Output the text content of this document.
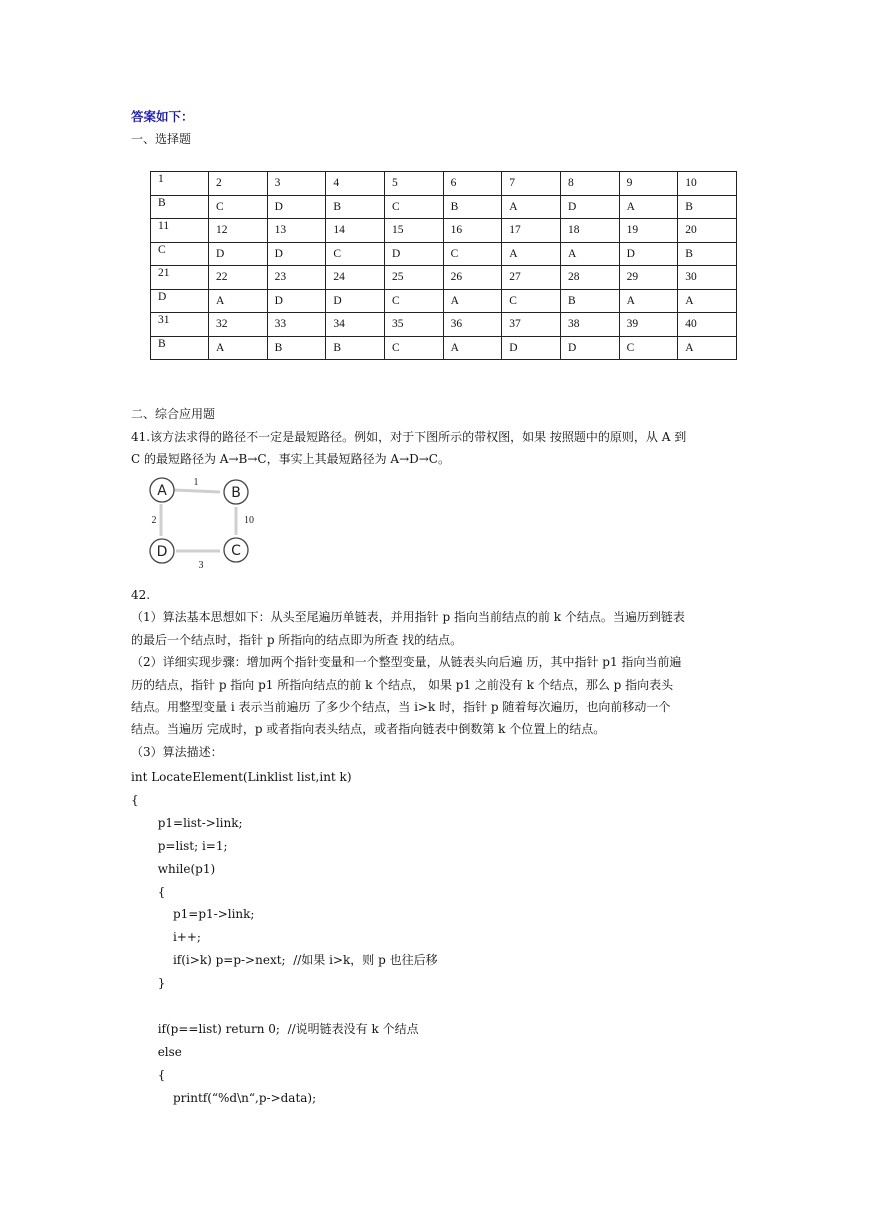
答案如下：
一、选择题
1	2	3	4	5	6	7	8	9	10
B	C	D	B	C	B	A	D	A	B
11	12	13	14	15	16	17	18	19	20
C	D	D	C	D	C	A	A	D	B
21	22	23	24	25	26	27	28	29	30
D	A	D	D	C	A	C	B	A	A
31	32	33	34	35	36	37	38	39	40
B	A	B	B	C	A	D	D	C	A
二、综合应用题
41.该方法求得的路径不一定是最短路径。例如，对于下图所示的带权图，如果 按照题中的原则，从 A 到
C 的最短路径为 A→B→C，事实上其最短路径为 A→D→C。
1
10
3
2
A	B
C
D
42.
（1）算法基本思想如下：从头至尾遍历单链表，并用指针 p 指向当前结点的前 k 个结点。当遍历到链表
的最后一个结点时，指针 p 所指向的结点即为所查 找的结点。
（2）详细实现步骤：增加两个指针变量和一个整型变量，从链表头向后遍 历，其中指针 p1 指向当前遍
历的结点，指针 p 指向 p1 所指向结点的前 k 个结点， 如果 p1 之前没有 k 个结点，那么 p 指向表头
结点。用整型变量 i 表示当前遍历 了多少个结点，当 i>k 时，指针 p 随着每次遍历，也向前移动一个
结点。当遍历 完成时，p 或者指向表头结点，或者指向链表中倒数第 k 个位置上的结点。
（3）算法描述：
int LocateElement(Linklist list,int k)
{
p1=list->link;
p=list; i=1;
while(p1)
{
p1=p1->link;
i++;
if(i>k) p=p->next;  //如果 i>k，则 p 也往后移
}
if(p==list) return 0;  //说明链表没有 k 个结点
else
{
printf(“%d\n“,p->data);
